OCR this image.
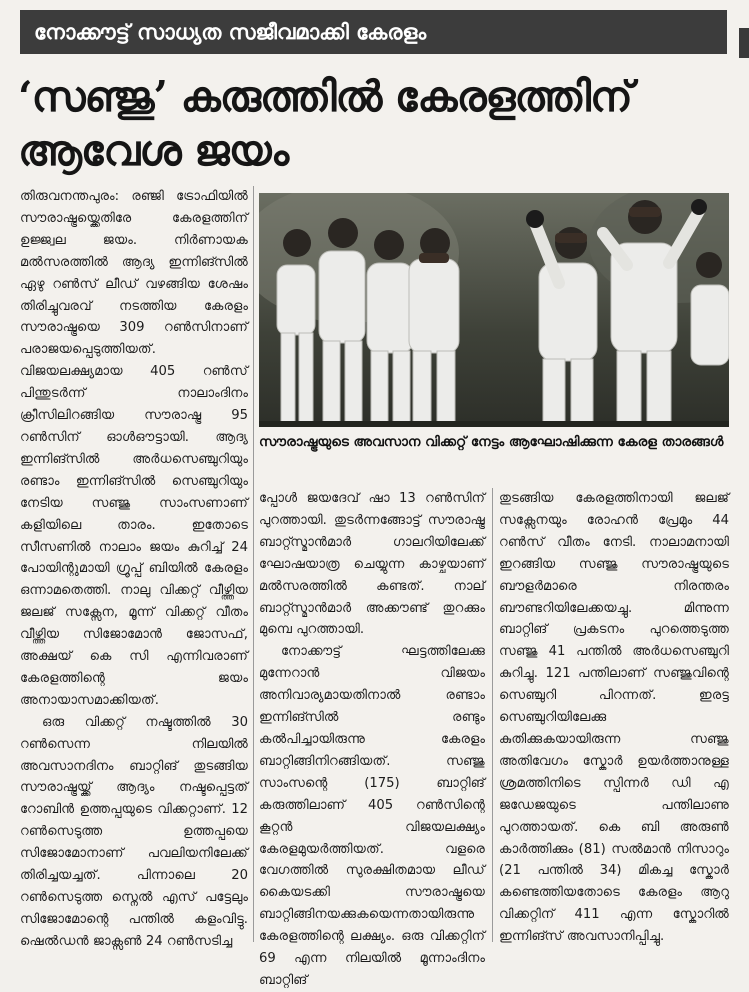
നോക്കൗട്ട് സാധ്യത സജീവമാക്കി കേരളം
‘സഞ്ജു’ കരുത്തിൽ കേരളത്തിന്
ആവേശ ജയം

തിരുവനന്തപുരം: രഞ്ജി ട്രോഫിയിൽ സൗരാഷ്ട്രയ്ക്കെതിരേ കേരളത്തിന് ഉജ്ജ്വല ജയം. നിർണായക മൽസരത്തിൽ ആദ്യ ഇന്നിങ്സിൽ ഏഴു റൺസ് ലീഡ് വഴങ്ങിയ ശേഷം തിരിച്ചുവരവ് നടത്തിയ കേരളം സൗരാഷ്ട്രയെ 309 റൺസിനാണ് പരാജയപ്പെടുത്തിയത്. വിജയലക്ഷ്യമായ 405 റൺസ് പിന്തുടർന്ന് നാലാംദിനം ക്രീസിലിറങ്ങിയ സൗരാഷ്ട്ര 95 റൺസിന് ഓൾഔട്ടായി. ആദ്യ ഇന്നിങ്സിൽ അർധസെഞ്ചുറിയും രണ്ടാം ഇന്നിങ്സിൽ സെഞ്ചുറിയും നേടിയ സഞ്ജു സാംസണാണ് കളിയിലെ താരം. ഇതോടെ സീസണിൽ നാലാം ജയം കുറിച്ച് 24 പോയിന്റുമായി ഗ്രൂപ്പ് ബിയിൽ കേരളം ഒന്നാമതെത്തി. നാലു വിക്കറ്റ് വീഴ്ത്തിയ ജലജ് സക്സേന, മൂന്ന് വിക്കറ്റ് വീതം വീഴ്ത്തിയ സിജോമോൻ ജോസഫ്, അക്ഷയ് കെ സി എന്നിവരാണ് കേരളത്തിന്റെ ജയം അനായാസമാക്കിയത്.

ഒരു വിക്കറ്റ് നഷ്ടത്തിൽ 30 റൺസെന്ന നിലയിൽ അവസാനദിനം ബാറ്റിങ് തുടങ്ങിയ സൗരാഷ്ട്രയ്ക്ക് ആദ്യം നഷ്ടപ്പെട്ടത് റോബിൻ ഉത്തപ്പയുടെ വിക്കറ്റാണ്. 12 റൺസെടുത്ത ഉത്തപ്പയെ സിജോമോനാണ് പവലിയനിലേക്ക് തിരിച്ചയച്ചത്. പിന്നാലെ 20 റൺസെടുത്ത സ്നെൽ എസ് പട്ടേലും സിജോമോന്റെ പന്തിൽ കളംവിട്ടു. ഷെൽഡൻ ജാക്സൺ 24 റൺസടിച്ച

സൗരാഷ്ട്രയുടെ അവസാന വിക്കറ്റ് നേട്ടം ആഘോഷിക്കുന്ന കേരള താരങ്ങൾ

പ്പോൾ ജയദേവ് ഷാ 13 റൺസിന് പുറത്തായി. തുടർന്നങ്ങോട്ട് സൗരാഷ്ട്ര ബാറ്റ്സ്മാൻമാർ ഗാലറിയിലേക്ക് ഘോഷയാത്ര ചെയ്യുന്ന കാഴ്ചയാണ് മൽസരത്തിൽ കണ്ടത്. നാല് ബാറ്റ്സ്മാൻമാർ അക്കൗണ്ട് തുറക്കും മുമ്പെ പുറത്തായി.

നോക്കൗട്ട് ഘട്ടത്തിലേക്കു മുന്നേറാൻ വിജയം അനിവാര്യമായതിനാൽ രണ്ടാം ഇന്നിങ്സിൽ രണ്ടും കൽപിച്ചായിരുന്നു കേരളം ബാറ്റിങ്ങിനിറങ്ങിയത്. സഞ്ജു സാംസന്റെ (175) ബാറ്റിങ് കരുത്തിലാണ് 405 റൺസിന്റെ കൂറ്റൻ വിജയലക്ഷ്യം കേരളമുയർത്തിയത്. വളരെ വേഗത്തിൽ സുരക്ഷിതമായ ലീഡ് കൈയടക്കി സൗരാഷ്ട്രയെ ബാറ്റിങ്ങിനയക്കുകയെന്നതായിരുന്നു കേരളത്തിന്റെ ലക്ഷ്യം. ഒരു വിക്കറ്റിന് 69 എന്ന നിലയിൽ മൂന്നാംദിനം ബാറ്റിങ്

തുടങ്ങിയ കേരളത്തിനായി ജലജ് സക്സേനയും രോഹൻ പ്രേമും 44 റൺസ് വീതം നേടി. നാലാമനായി ഇറങ്ങിയ സഞ്ജു സൗരാഷ്ട്രയുടെ ബൗളർമാരെ നിരന്തരം ബൗണ്ടറിയിലേക്കയച്ചു. മിന്നുന്ന ബാറ്റിങ് പ്രകടനം പുറത്തെടുത്ത സഞ്ജു 41 പന്തിൽ അർധസെഞ്ചുറി കുറിച്ചു. 121 പന്തിലാണ് സഞ്ജുവിന്റെ സെഞ്ചുറി പിറന്നത്. ഇരട്ട സെഞ്ചുറിയിലേക്കു കുതിക്കുകയായിരുന്ന സഞ്ജു അതിവേഗം സ്കോർ ഉയർത്താനുള്ള ശ്രമത്തിനിടെ സ്പിന്നർ ഡി എ ജഡേജയുടെ പന്തിലാണു പുറത്തായത്. കെ ബി അരുൺ കാർത്തിക്കും (81) സൽമാൻ നിസാറും (21 പന്തിൽ 34) മികച്ച സ്കോർ കണ്ടെത്തിയതോടെ കേരളം ആറു വിക്കറ്റിന് 411 എന്ന സ്കോറിൽ ഇന്നിങ്സ് അവസാനിപ്പിച്ചു.
